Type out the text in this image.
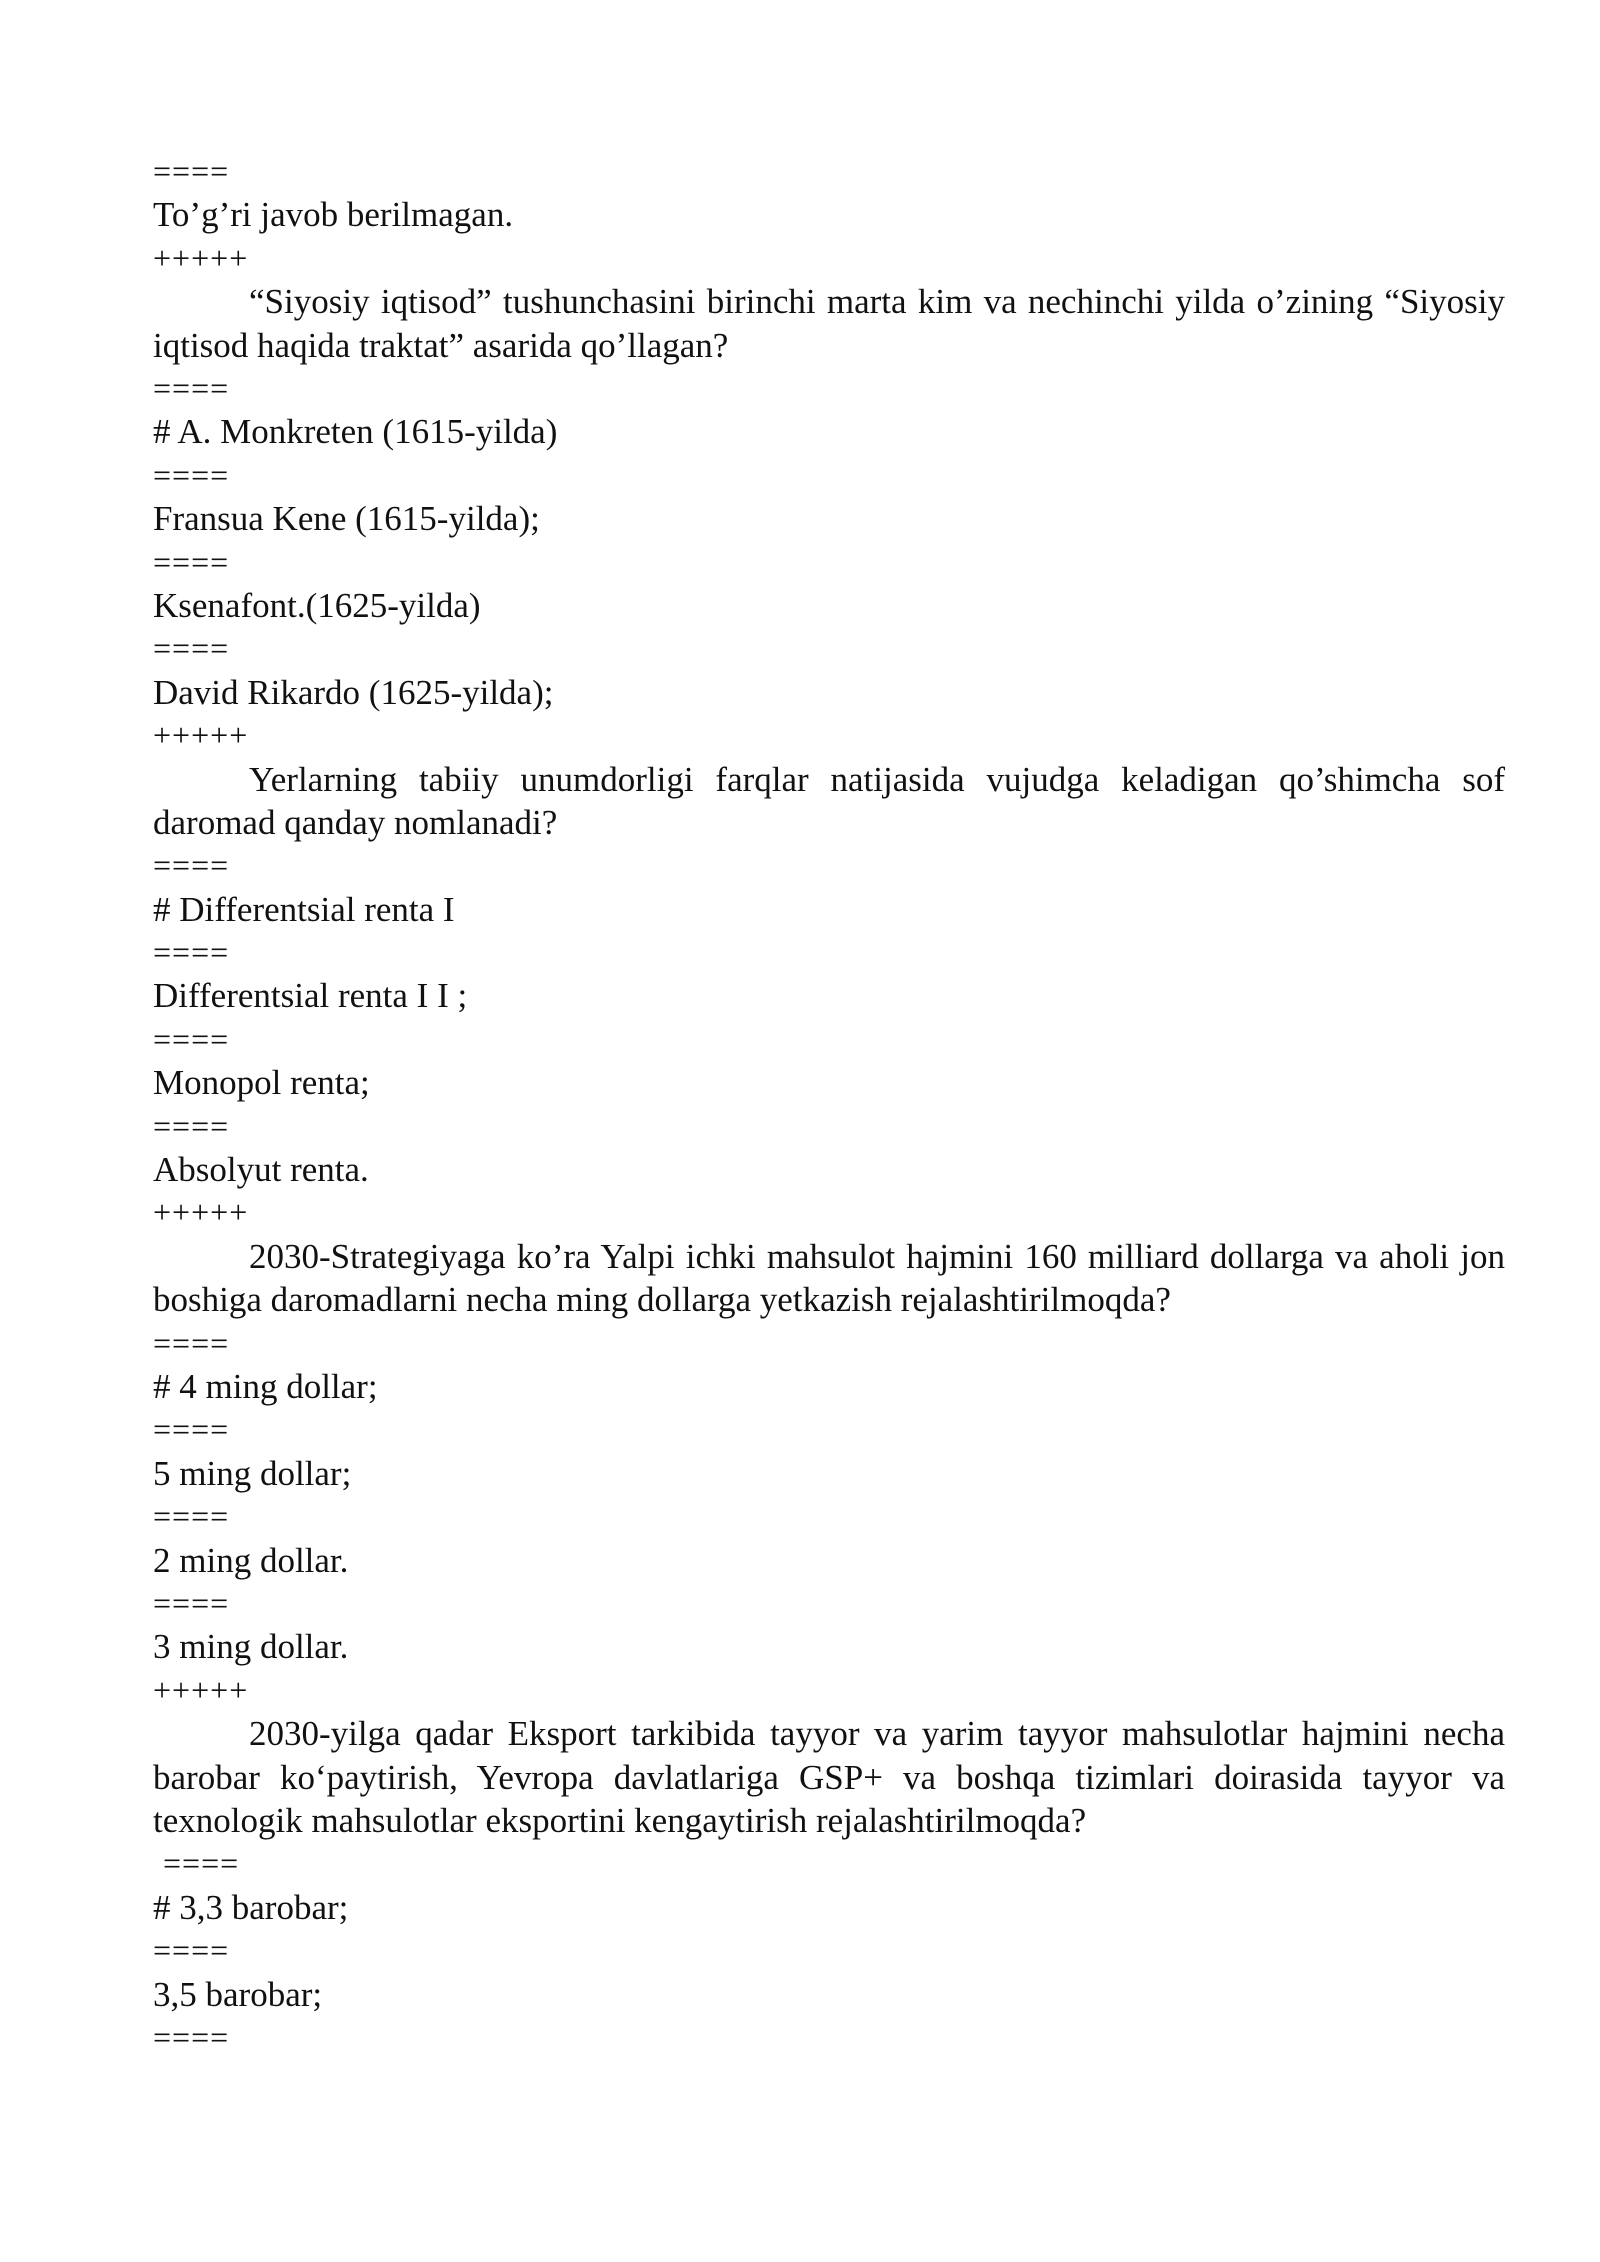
====
To’g’ri javob berilmagan.
+++++
“Siyosiy iqtisod” tushunchasini birinchi marta kim va nechinchi yilda o’zining “Siyosiy iqtisod haqida traktat” asarida qo’llagan?
====
# A. Monkreten (1615-yilda)
====
Fransua Kene (1615-yilda);
====
Ksenafont.(1625-yilda)
====
David Rikardo (1625-yilda);
+++++
Yerlarning tabiiy unumdorligi farqlar natijasida vujudga keladigan qo’shimcha sof daromad qanday nomlanadi?
====
# Differentsial renta I
====
Differentsial renta I I ;
====
Monopol renta;
====
Absolyut renta.
+++++
2030-Strategiyaga ko’ra Yalpi ichki mahsulot hajmini 160 milliard dollarga va aholi jon boshiga daromadlarni necha ming dollarga yetkazish rejalashtirilmoqda?
====
# 4 ming dollar;
====
5 ming dollar;
====
2 ming dollar.
====
3 ming dollar.
+++++
2030-yilga qadar Eksport tarkibida tayyor va yarim tayyor mahsulotlar hajmini necha barobar ko‘paytirish, Yevropa davlatlariga GSP+ va boshqa tizimlari doirasida tayyor va texnologik mahsulotlar eksportini kengaytirish rejalashtirilmoqda?
====
# 3,3 barobar;
====
3,5 barobar;
====
